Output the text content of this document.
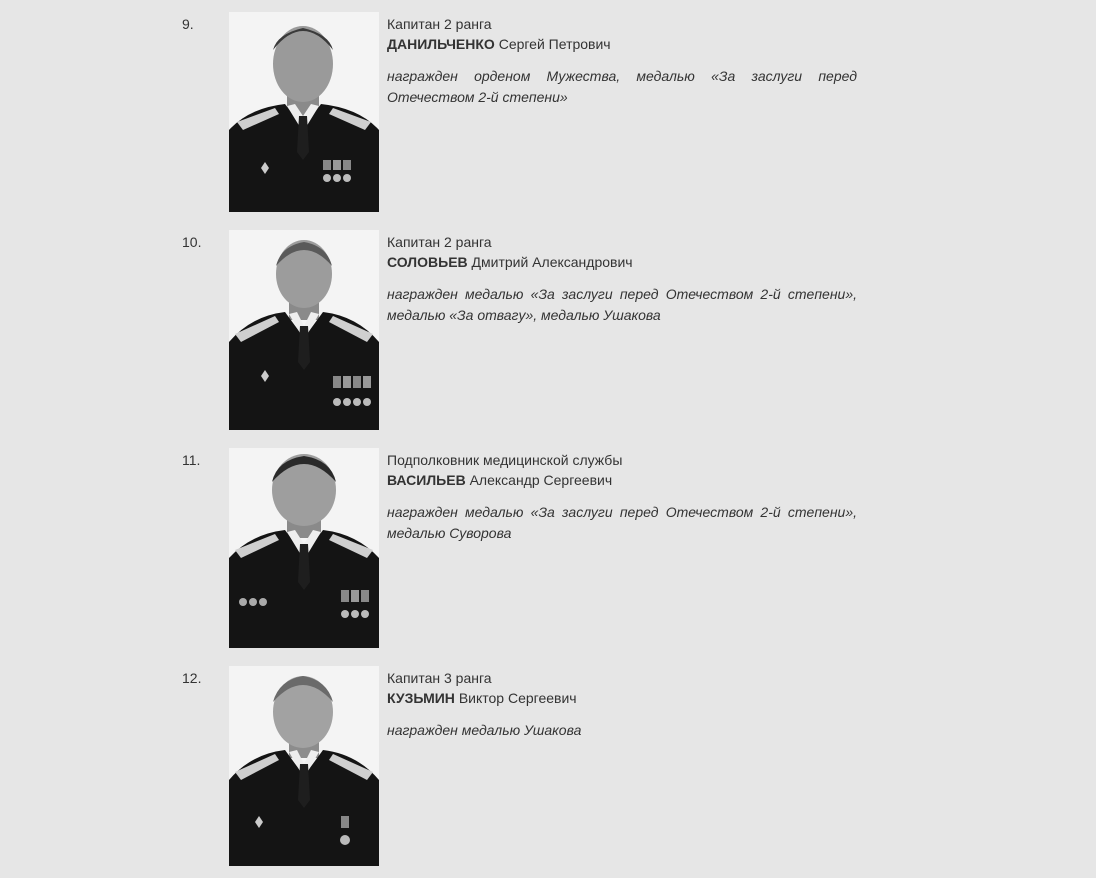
9.	Капитан 2 ранга

ДАНИЛЬЧЕНКО Сергей Петрович

награжден орденом Мужества, медалью «За заслуги перед Отечеством 2-й степени»

10.	Капитан 2 ранга

СОЛОВЬЕВ Дмитрий Александрович

награжден медалью «За заслуги перед Отечеством 2-й степени», медалью «За отвагу», медалью Ушакова

11.	Подполковник медицинской службы

ВАСИЛЬЕВ Александр Сергеевич

награжден медалью «За заслуги перед Отечеством 2-й степени», медалью Суворова

12.	Капитан 3 ранга

КУЗЬМИН Виктор Сергеевич

награжден медалью Ушакова
